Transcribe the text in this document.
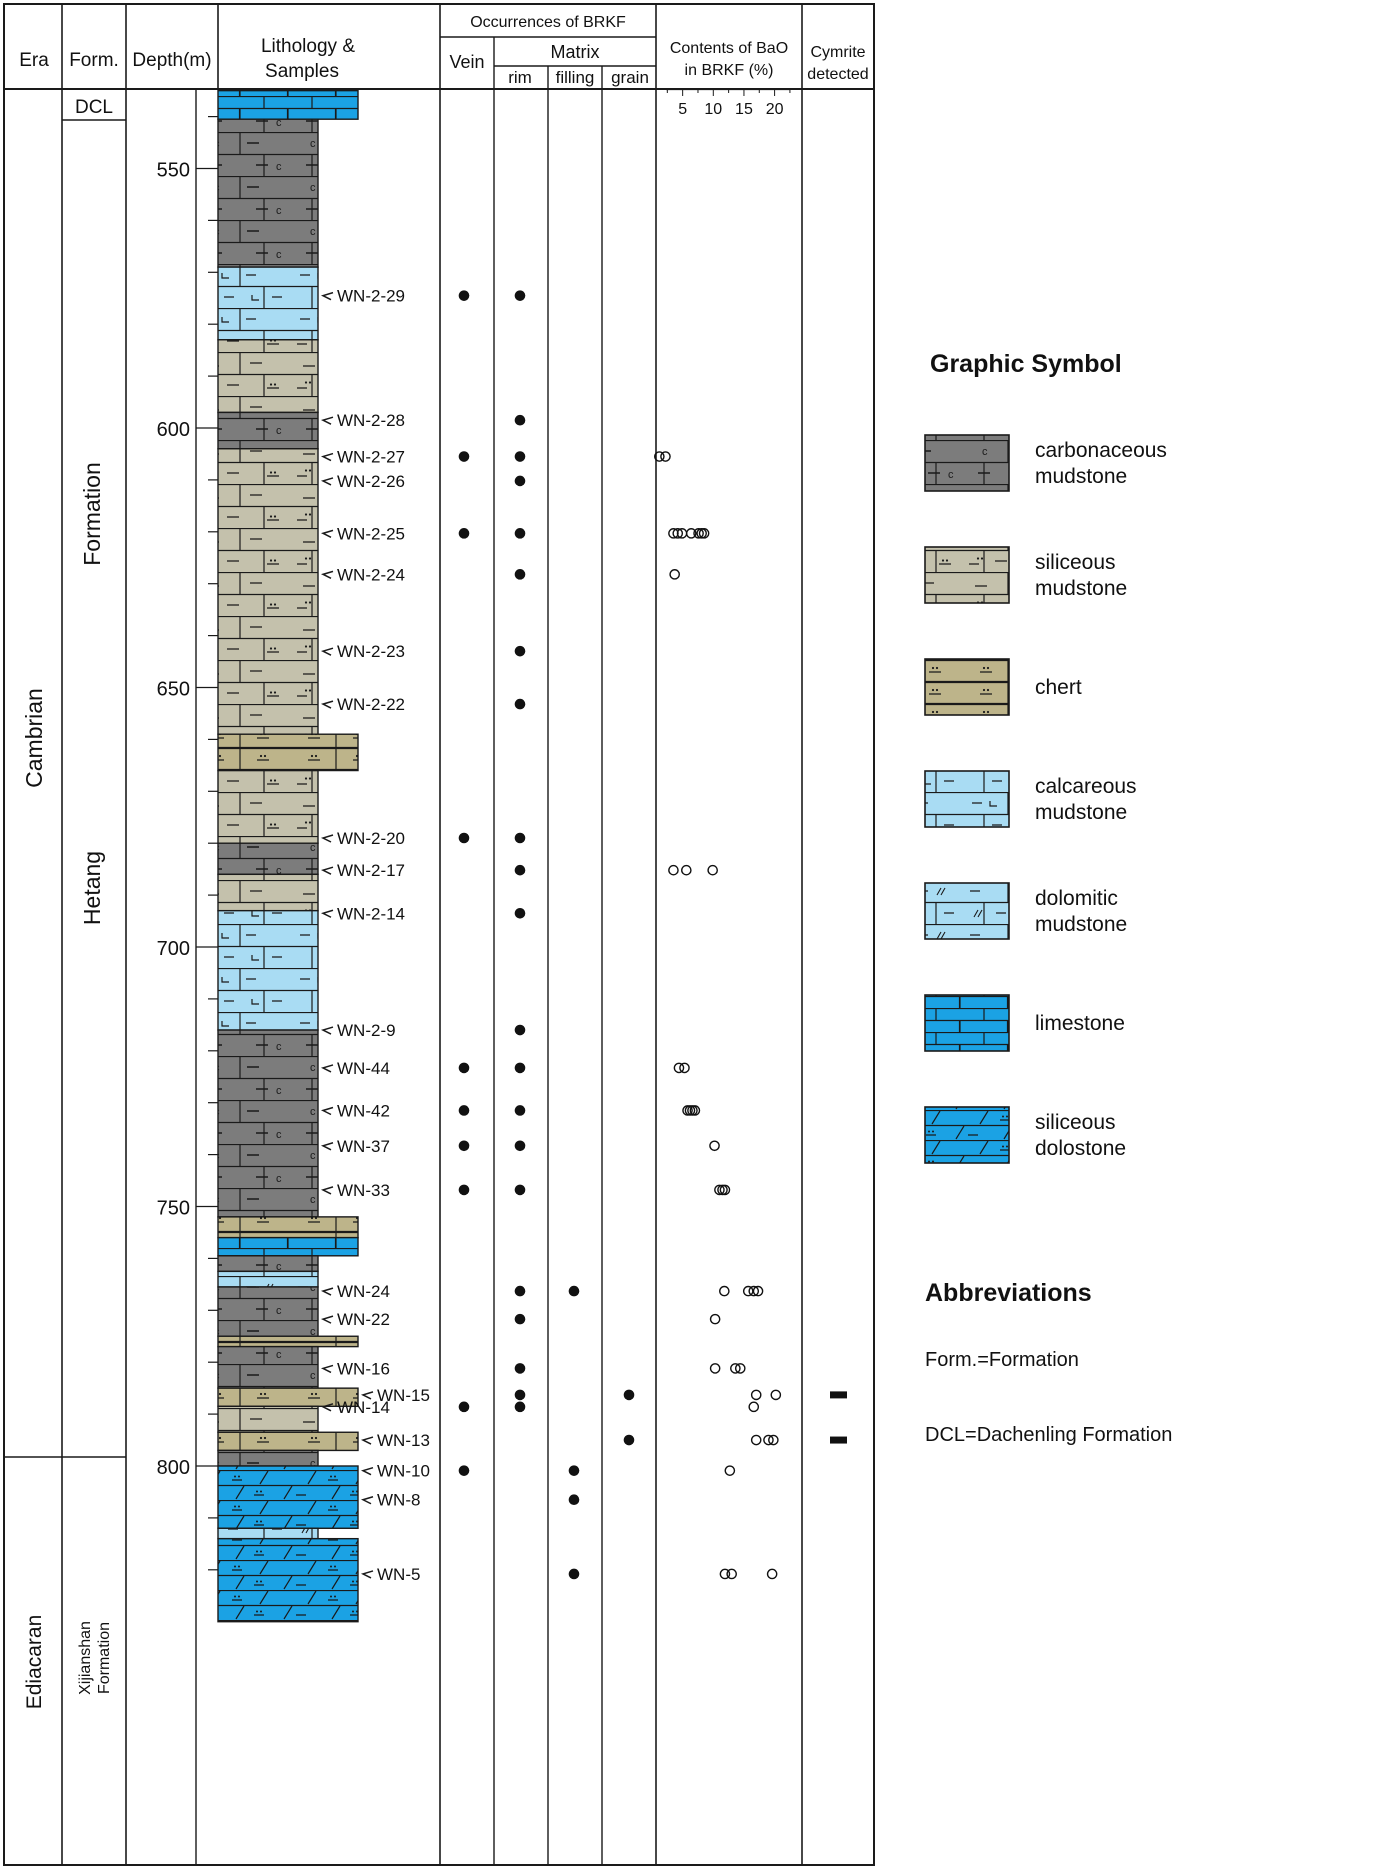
Era Form. Depth(m)
Lithology &
Samples
Occurrences of BRKF
Vein	Matrix
rim filling grain
Contents of BaO
in BRKF (%)
Cymrite
detected
Cambrian
Ediacaran
DCL
Formation
Hetang
Xijianshan Formation
550
600
650
700
750
800
5 10 15 20
WN-2-29
WN-2-28
WN-2-27
WN-2-26
WN-2-25
WN-2-24
WN-2-23
WN-2-22
WN-2-20
WN-2-17
WN-2-14
WN-2-9
WN-44
WN-42
WN-37
WN-33
WN-24
WN-22
WN-16
WN-15
WN-14
WN-13
WN-10
WN-8
WN-5
Graphic Symbol
carbonaceous
mudstone
siliceous
mudstone
chert
calcareous
mudstone
dolomitic
mudstone
limestone
siliceous
dolostone
Abbreviations
Form.=Formation
DCL=Dachenling Formation
